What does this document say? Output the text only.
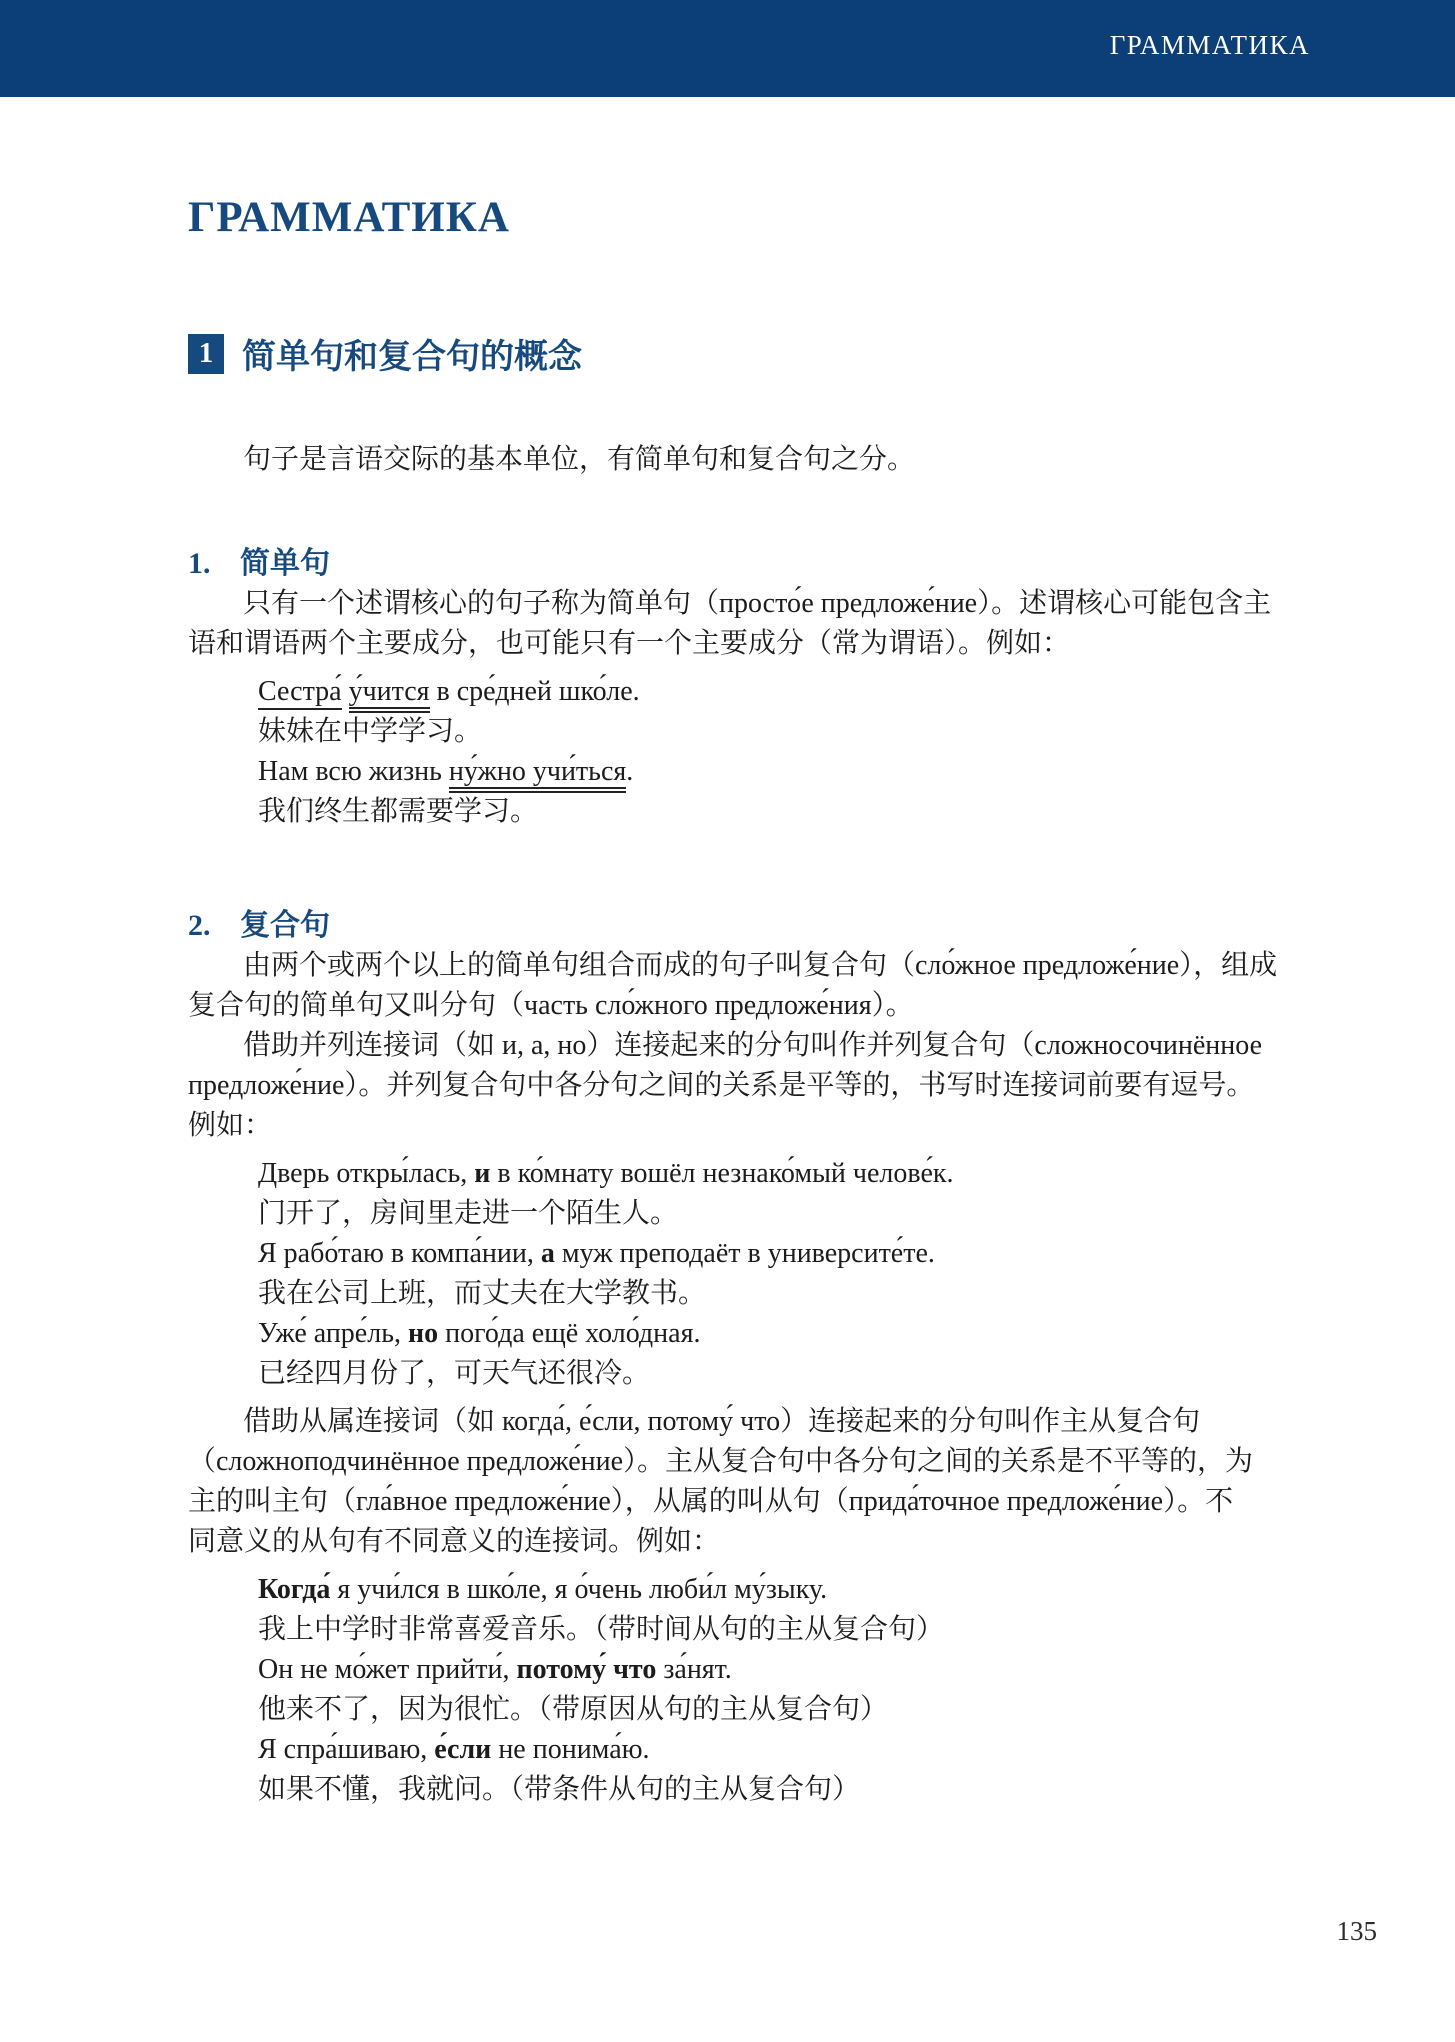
ГРАММАТИКА
ГРАММАТИКА
1 简单句和复合句的概念
句子是言语交际的基本单位，有简单句和复合句之分。
1. 简单句
只有一个述谓核心的句子称为简单句（просто́е предложе́ние）。述谓核心可能包含主
语和谓语两个主要成分，也可能只有一个主要成分（常为谓语）。例如：
Сестра́ у́чится в сре́дней шко́ле.
妹妹在中学学习。
Нам всю жизнь ну́жно учи́ться.
我们终生都需要学习。
2. 复合句
由两个或两个以上的简单句组合而成的句子叫复合句（сло́жное предложе́ние），组成
复合句的简单句又叫分句（часть сло́жного предложе́ния）。
借助并列连接词（如 и, а, но）连接起来的分句叫作并列复合句（сложносочинённое
предложе́ние）。并列复合句中各分句之间的关系是平等的，书写时连接词前要有逗号。
例如：
Дверь откры́лась, и в ко́мнату вошёл незнако́мый челове́к.
门开了，房间里走进一个陌生人。
Я рабо́таю в компа́нии, а муж преподаёт в университе́те.
我在公司上班，而丈夫在大学教书。
Уже́ апре́ль, но пого́да ещё холо́дная.
已经四月份了，可天气还很冷。
借助从属连接词（如 когда́, е́сли, потому́ что）连接起来的分句叫作主从复合句
（сложноподчинённое предложе́ние）。主从复合句中各分句之间的关系是不平等的，为
主的叫主句（гла́вное предложе́ние），从属的叫从句（прида́точное предложе́ние）。不
同意义的从句有不同意义的连接词。例如：
Когда́ я учи́лся в шко́ле, я о́чень люби́л му́зыку.
我上中学时非常喜爱音乐。（带时间从句的主从复合句）
Он не мо́жет прийти́, потому́ что за́нят.
他来不了，因为很忙。（带原因从句的主从复合句）
Я спра́шиваю, е́сли не понима́ю.
如果不懂，我就问。（带条件从句的主从复合句）
135
